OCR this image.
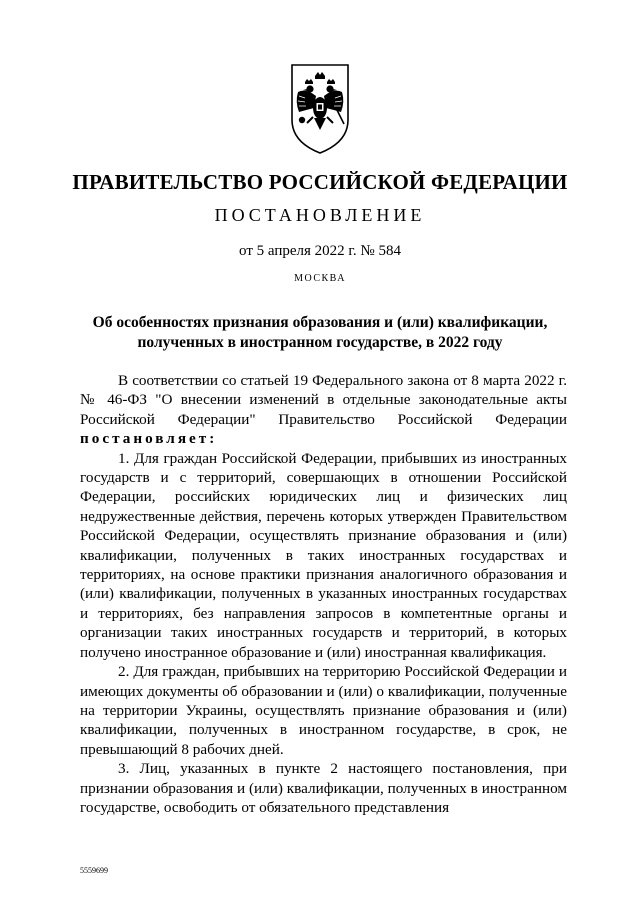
ПРАВИТЕЛЬСТВО РОССИЙСКОЙ ФЕДЕРАЦИИ
ПОСТАНОВЛЕНИЕ
от 5 апреля 2022 г. № 584
МОСКВА
Об особенностях признания образования и (или) квалификации,
полученных в иностранном государстве, в 2022 году

В соответствии со статьей 19 Федерального закона от 8 марта 2022 г. № 46-ФЗ "О внесении изменений в отдельные законодательные акты Российской Федерации" Правительство Российской Федерации постановляет:

1. Для граждан Российской Федерации, прибывших из иностранных государств и с территорий, совершающих в отношении Российской Федерации, российских юридических лиц и физических лиц недружественные действия, перечень которых утвержден Правительством Российской Федерации, осуществлять признание образования и (или) квалификации, полученных в таких иностранных государствах и территориях, на основе практики признания аналогичного образования и (или) квалификации, полученных в указанных иностранных государствах и территориях, без направления запросов в компетентные органы и организации таких иностранных государств и территорий, в которых получено иностранное образование и (или) иностранная квалификация.

2. Для граждан, прибывших на территорию Российской Федерации и имеющих документы об образовании и (или) о квалификации, полученные на территории Украины, осуществлять признание образования и (или) квалификации, полученных в иностранном государстве, в срок, не превышающий 8 рабочих дней.

3. Лиц, указанных в пункте 2 настоящего постановления, при признании образования и (или) квалификации, полученных в иностранном государстве, освободить от обязательного представления

5559699
